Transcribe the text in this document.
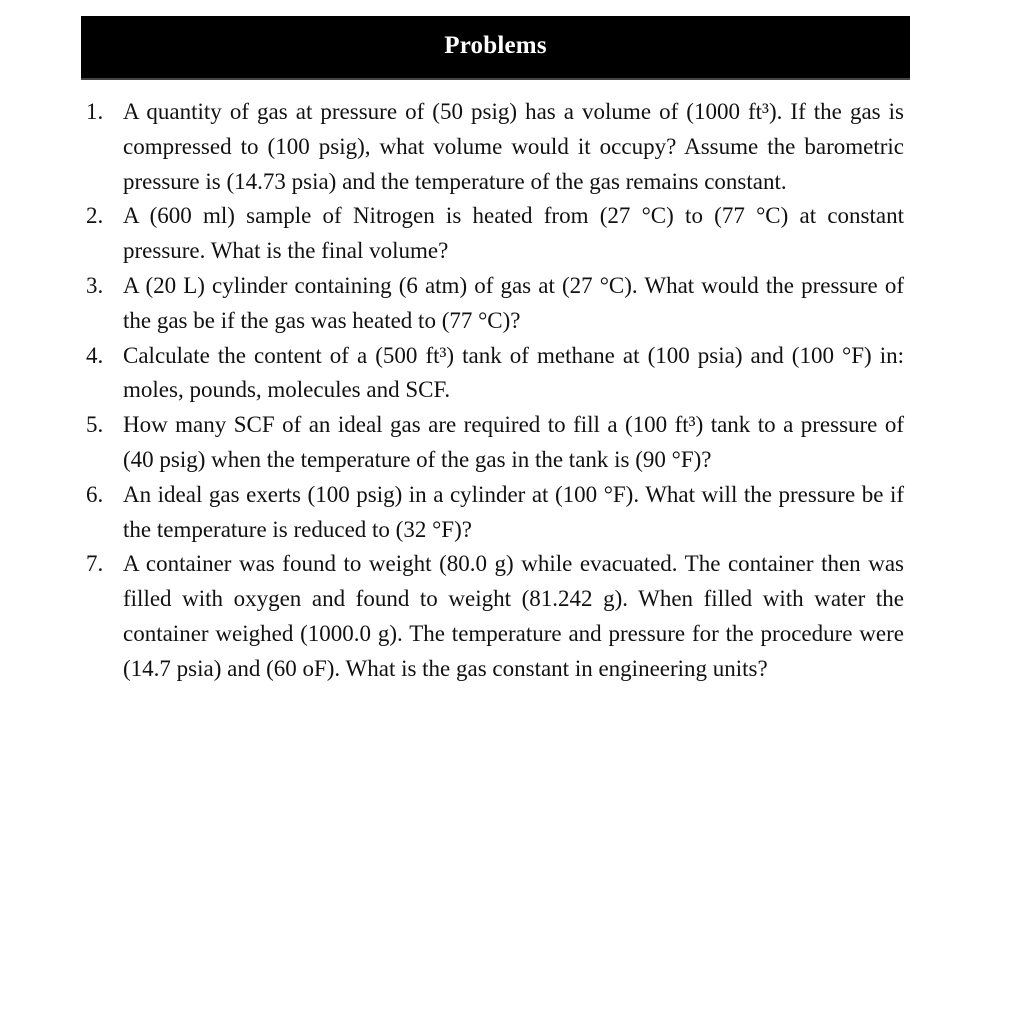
Problems
1. A quantity of gas at pressure of (50 psig) has a volume of (1000 ft³). If the gas is compressed to (100 psig), what volume would it occupy? Assume the barometric pressure is (14.73 psia) and the temperature of the gas remains constant.
2. A (600 ml) sample of Nitrogen is heated from (27 °C) to (77 °C) at constant pressure. What is the final volume?
3. A (20 L) cylinder containing (6 atm) of gas at (27 °C). What would the pressure of the gas be if the gas was heated to (77 °C)?
4. Calculate the content of a (500 ft³) tank of methane at (100 psia) and (100 °F) in: moles, pounds, molecules and SCF.
5. How many SCF of an ideal gas are required to fill a (100 ft³) tank to a pressure of (40 psig) when the temperature of the gas in the tank is (90 °F)?
6. An ideal gas exerts (100 psig) in a cylinder at (100 °F). What will the pressure be if the temperature is reduced to (32 °F)?
7. A container was found to weight (80.0 g) while evacuated. The container then was filled with oxygen and found to weight (81.242 g). When filled with water the container weighed (1000.0 g). The temperature and pressure for the procedure were (14.7 psia) and (60 oF). What is the gas constant in engineering units?
